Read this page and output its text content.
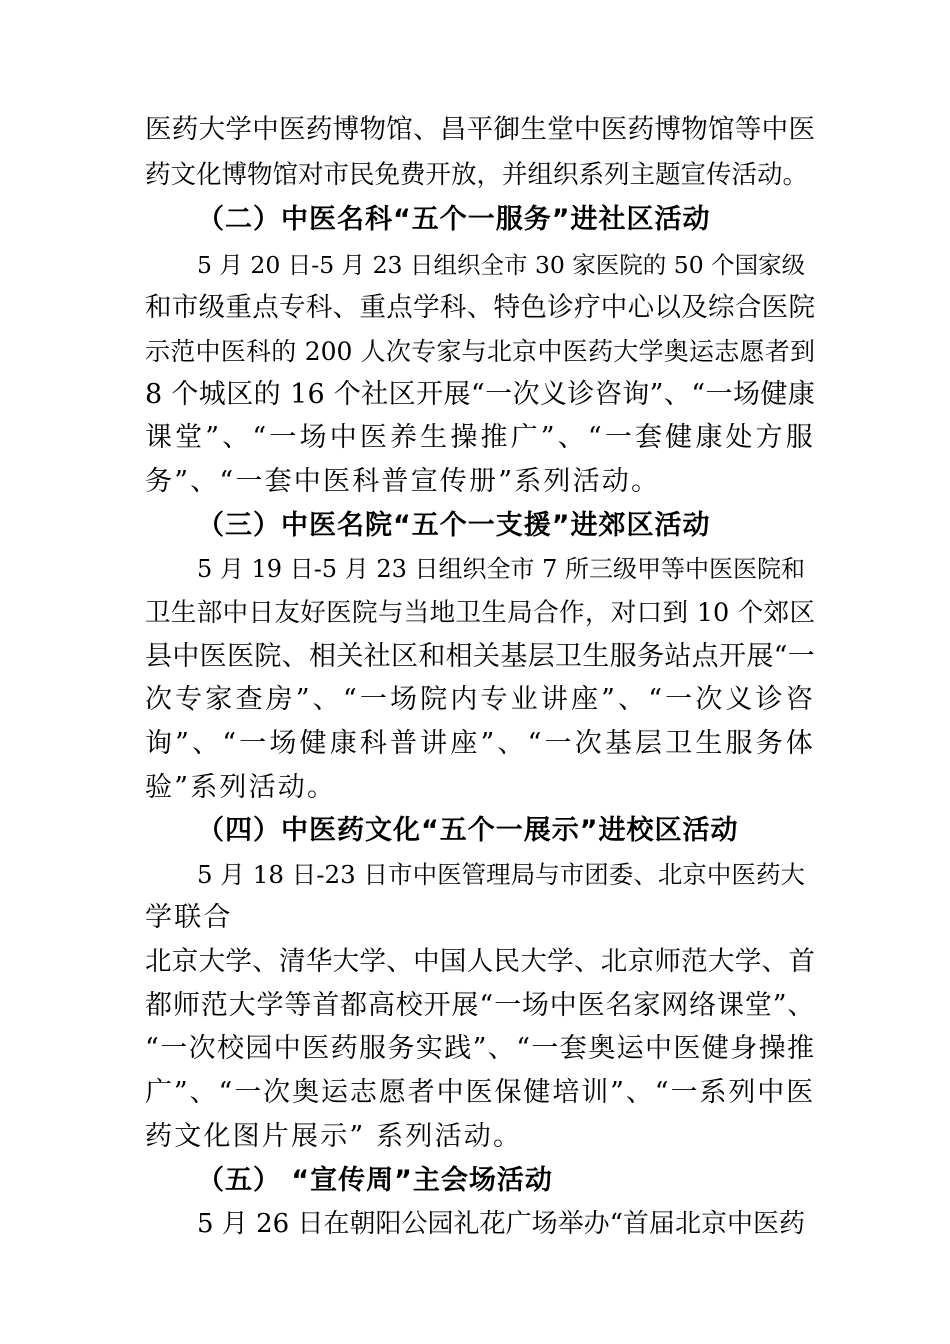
医药大学中医药博物馆、昌平御生堂中医药博物馆等中医
药文化博物馆对市民免费开放，并组织系列主题宣传活动。
（二）中医名科“五个一服务”进社区活动
5 月 20 日-5 月 23 日组织全市 30 家医院的 50 个国家级
和市级重点专科、重点学科、特色诊疗中心以及综合医院
示范中医科的 200 人次专家与北京中医药大学奥运志愿者到
8 个城区的 16 个社区开展“一次义诊咨询”、“一场健康
课堂”、“一场中医养生操推广”、“一套健康处方服
务”、“一套中医科普宣传册”系列活动。
（三）中医名院“五个一支援”进郊区活动
5 月 19 日-5 月 23 日组织全市 7 所三级甲等中医医院和
卫生部中日友好医院与当地卫生局合作，对口到 10 个郊区
县中医医院、相关社区和相关基层卫生服务站点开展“一
次专家查房”、“一场院内专业讲座”、“一次义诊咨
询”、“一场健康科普讲座”、“一次基层卫生服务体
验”系列活动。
（四）中医药文化“五个一展示”进校区活动
5 月 18 日-23 日市中医管理局与市团委、北京中医药大
学联合
北京大学、清华大学、中国人民大学、北京师范大学、首
都师范大学等首都高校开展“一场中医名家网络课堂”、
“一次校园中医药服务实践”、“一套奥运中医健身操推
广”、“一次奥运志愿者中医保健培训”、“一系列中医
药文化图片展示” 系列活动。
（五） “宣传周”主会场活动
5 月 26 日在朝阳公园礼花广场举办“首届北京中医药
